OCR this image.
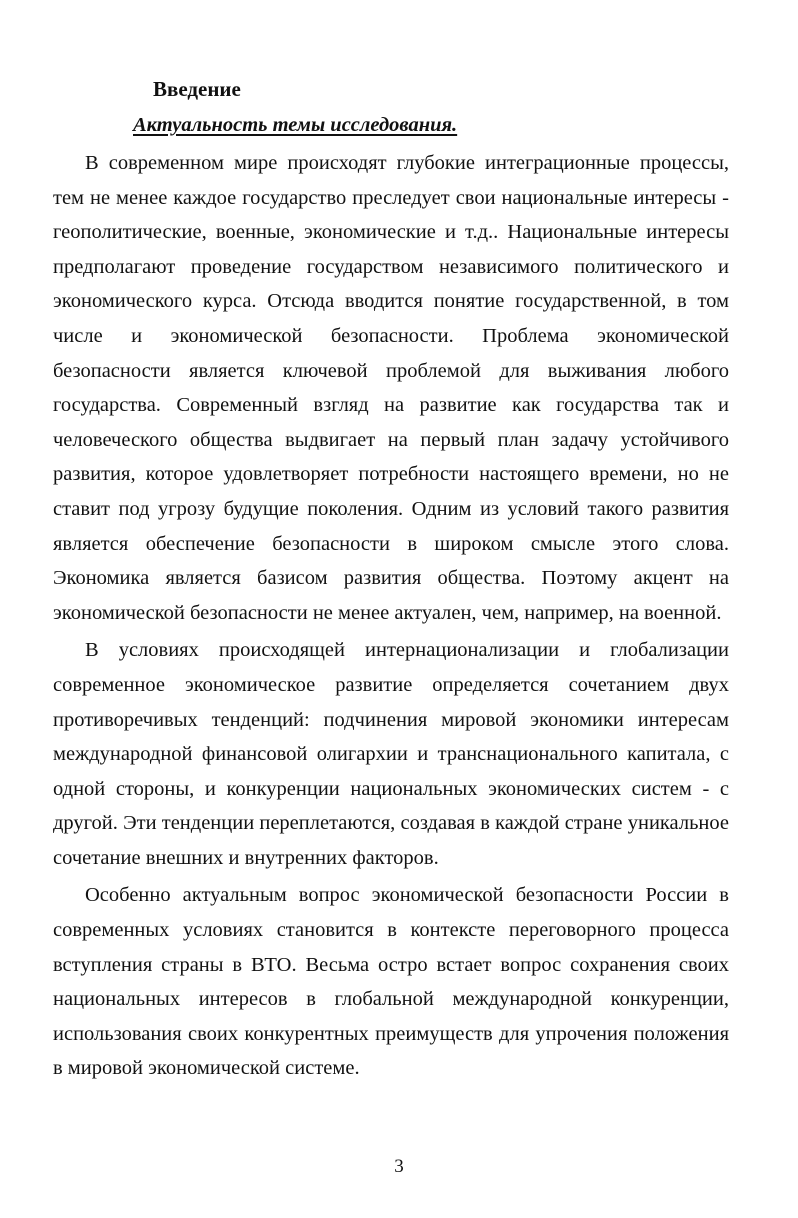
Введение
Актуальность темы исследования.

В современном мире происходят глубокие интеграционные процессы, тем не менее каждое государство преследует свои национальные интересы - геополитические, военные, экономические и т.д.. Национальные интересы предполагают проведение государством независимого политического и экономического курса. Отсюда вводится понятие государственной, в том числе и экономической безопасности. Проблема экономической безопасности является ключевой проблемой для выживания любого государства. Современный взгляд на развитие как государства так и человеческого общества выдвигает на первый план задачу устойчивого развития, которое удовлетворяет потребности настоящего времени, но не ставит под угрозу будущие поколения. Одним из условий такого развития является обеспечение безопасности в широком смысле этого слова. Экономика является базисом развития общества. Поэтому акцент на экономической безопасности не менее актуален, чем, например, на военной.

В условиях происходящей интернационализации и глобализации современное экономическое развитие определяется сочетанием двух противоречивых тенденций: подчинения мировой экономики интересам международной финансовой олигархии и транснационального капитала, с одной стороны, и конкуренции национальных экономических систем - с другой. Эти тенденции переплетаются, создавая в каждой стране уникальное сочетание внешних и внутренних факторов.

Особенно актуальным вопрос экономической безопасности России в современных условиях становится в контексте переговорного процесса вступления страны в ВТО. Весьма остро встает вопрос сохранения своих национальных интересов в глобальной международной конкуренции, использования своих конкурентных преимуществ для упрочения положения в мировой экономической системе.

3
